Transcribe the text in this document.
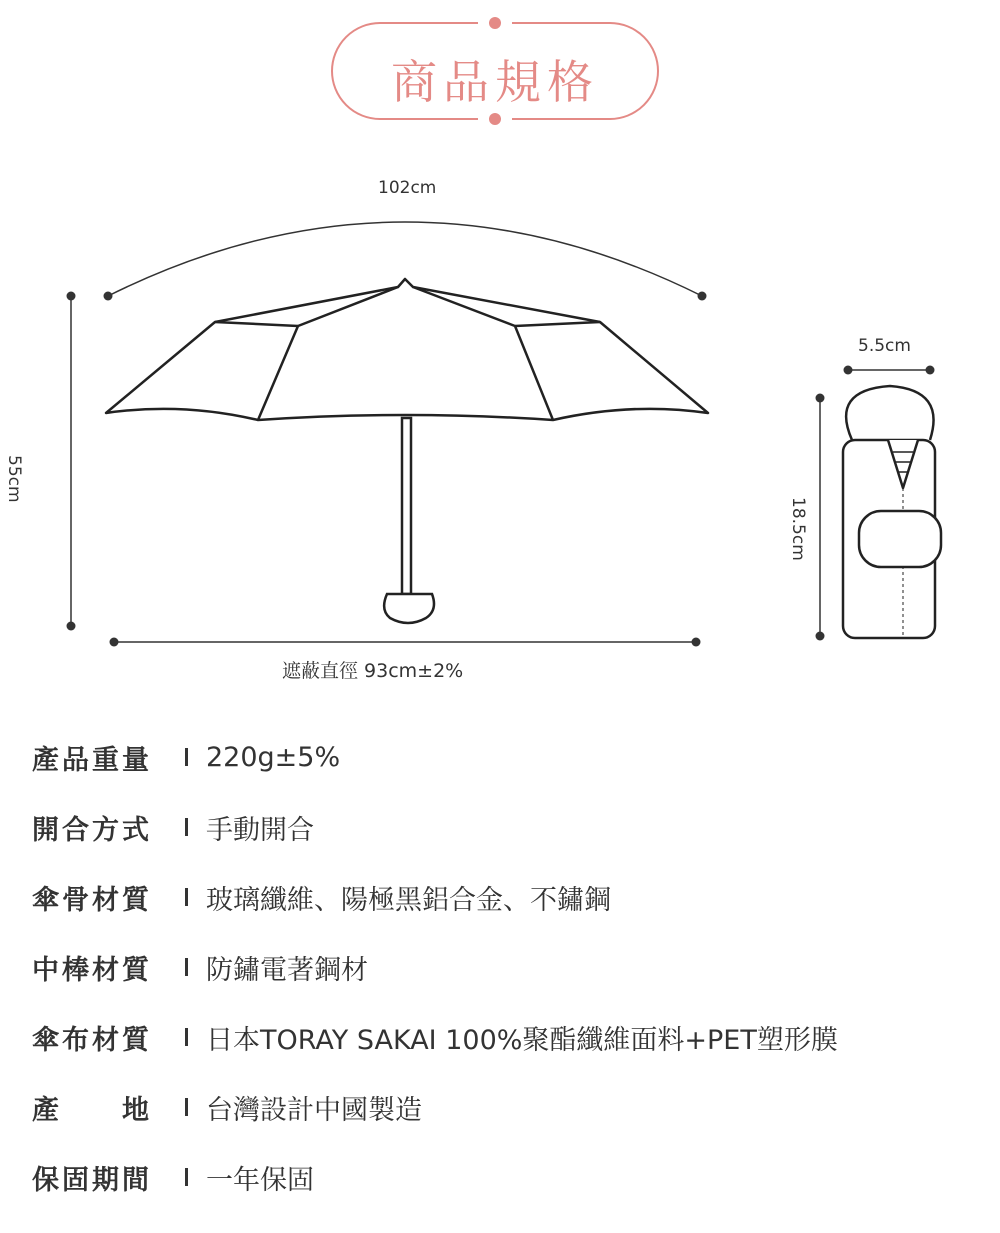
商品規格
102cm
55cm
遮蔽直徑 93cm±2%
5.5cm
18.5cm
產品重量	220g±5%
開合方式	手動開合
傘骨材質	玻璃纖維、陽極黑鋁合金、不鏽鋼
中棒材質	防鏽電著鋼材
傘布材質	日本TORAY SAKAI 100%聚酯纖維面料+PET塑形膜
產　　地	台灣設計中國製造
保固期間	一年保固
